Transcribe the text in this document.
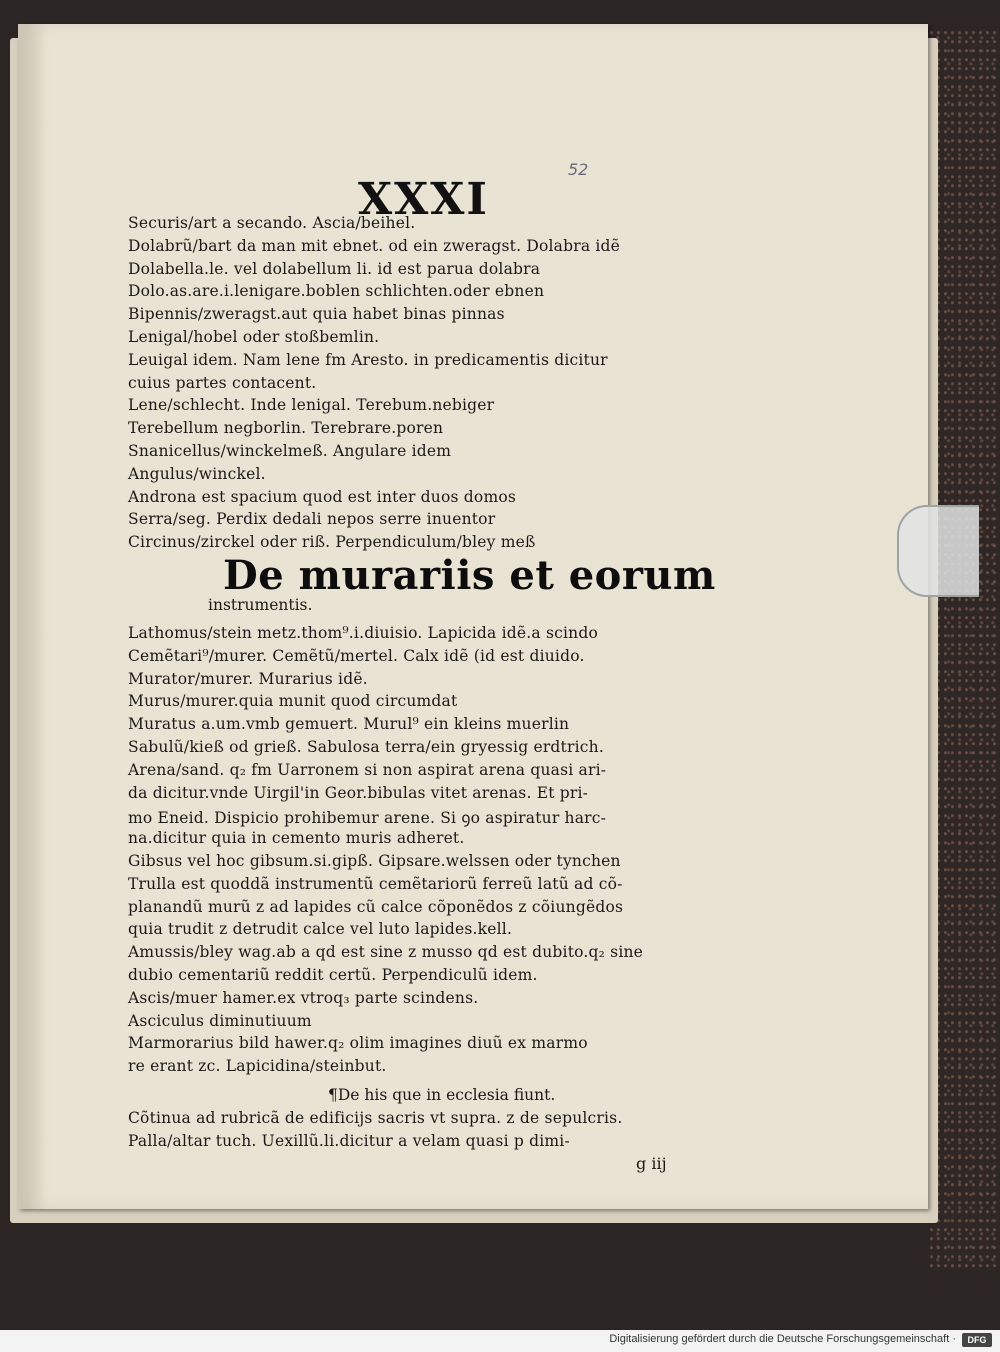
XXXI
52
Securis/art a secando. Ascia/beihel.
Dolabrũ/bart da man mit ebnet. od ein zweragst. Dolabra idẽ
Dolabella.le. vel dolabellum li. id est parua dolabra
Dolo.as.are.i.lenigare.boblen schlichten.oder ebnen
Bipennis/zweragst.aut quia habet binas pinnas
Lenigal/hobel oder stoßbemlin.
Leuigal idem. Nam lene fm Aresto. in predicamentis dicitur
cuius partes contacent.
Lene/schlecht. Inde lenigal. Terebum.nebiger
Terebellum negborlin. Terebrare.poren
Snanicellus/winckelmeß. Angulare idem
Angulus/winckel.
Androna est spacium quod est inter duos domos
Serra/seg. Perdix dedali nepos serre inuentor
Circinus/zirckel oder riß. Perpendiculum/bley meß
De murariis et eorum
instrumentis.
Lathomus/stein metz.thom⁹.i.diuisio. Lapicida idẽ.a scindo
Cemẽtari⁹/murer. Cemẽtũ/mertel. Calx idẽ (id est diuido.
Murator/murer. Murarius idẽ.
Murus/murer.quia munit quod circumdat
Muratus a.um.vmb gemuert. Murul⁹ ein kleins muerlin
Sabulũ/kieß od grieß. Sabulosa terra/ein gryessig erdtrich.
Arena/sand. q₂ fm Uarronem si non aspirat arena quasi ari-
da dicitur.vnde Uirgil'in Geor.bibulas vitet arenas. Et pri-
mo Eneid. Dispicio prohibemur arene. Si ꝯo aspiratur harc-
na.dicitur quia in cemento muris adheret.
Gibsus vel hoc gibsum.si.gipß. Gipsare.welssen oder tynchen
Trulla est quoddã instrumentũ cemẽtariorũ ferreũ latũ ad cõ-
planandũ murũ z ad lapides cũ calce cõponẽdos z cõiungẽdos
quia trudit z detrudit calce vel luto lapides.kell.
Amussis/bley wag.ab a qd est sine z musso qd est dubito.q₂ sine
dubio cementariũ reddit certũ. Perpendiculũ idem.
Ascis/muer hamer.ex vtroq₃ parte scindens.
Asciculus diminutiuum
Marmorarius bild hawer.q₂ olim imagines diuũ ex marmo
re erant zc. Lapicidina/steinbut.
¶De his que in ecclesia fiunt.
Cõtinua ad rubricã de edificijs sacris vt supra. z de sepulcris.
Palla/altar tuch. Uexillũ.li.dicitur a velam quasi p dimi-
g iij
Digitalisierung gefördert durch die Deutsche Forschungsgemeinschaft ·	DFG
